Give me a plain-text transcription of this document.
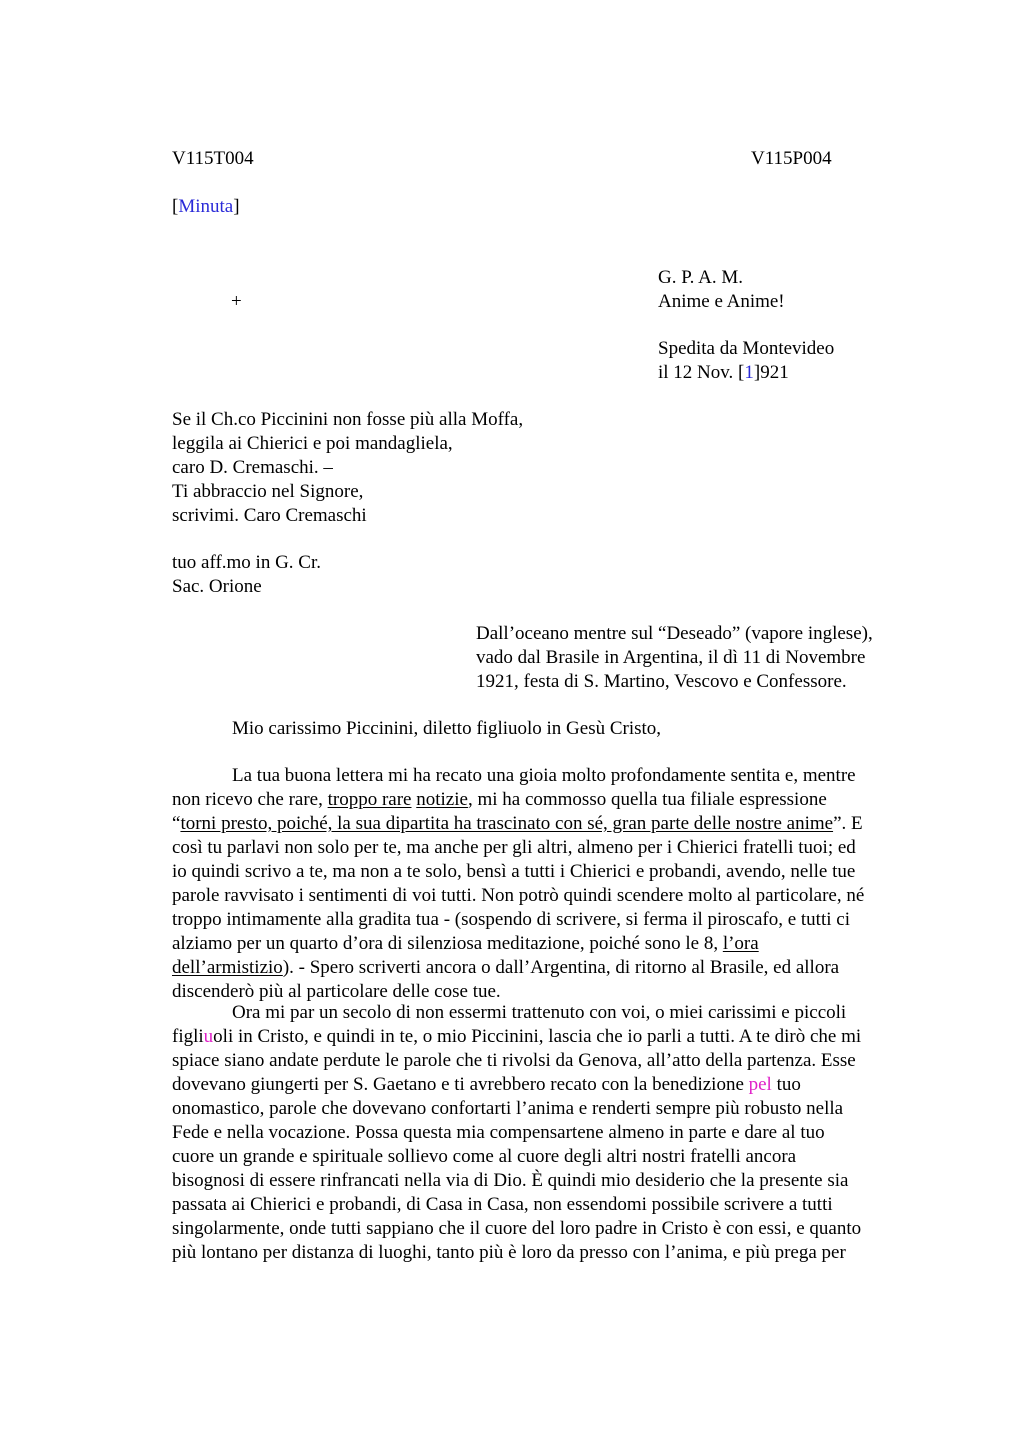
V115T004	V115P004
[Minuta]
+
G. P. A. M.
Anime e Anime!
Spedita da Montevideo
il 12 Nov. [1]921
Se il Ch.co Piccinini non fosse più alla Moffa,
leggila ai Chierici e poi mandagliela,
caro D. Cremaschi. –
Ti abbraccio nel Signore,
scrivimi. Caro Cremaschi
tuo aff.mo in G. Cr.
Sac. Orione
Dall’oceano mentre sul “Deseado” (vapore inglese),
vado dal Brasile in Argentina, il dì 11 di Novembre
1921, festa di S. Martino, Vescovo e Confessore.
Mio carissimo Piccinini, diletto figliuolo in Gesù Cristo,
La tua buona lettera mi ha recato una gioia molto profondamente sentita e, mentre
non ricevo che rare, troppo rare notizie, mi ha commosso quella tua filiale espressione
“torni presto, poiché, la sua dipartita ha trascinato con sé, gran parte delle nostre anime”. E
così tu parlavi non solo per te, ma anche per gli altri, almeno per i Chierici fratelli tuoi; ed
io quindi scrivo a te, ma non a te solo, bensì a tutti i Chierici e probandi, avendo, nelle tue
parole ravvisato i sentimenti di voi tutti. Non potrò quindi scendere molto al particolare, né
troppo intimamente alla gradita tua - (sospendo di scrivere, si ferma il piroscafo, e tutti ci
alziamo per un quarto d’ora di silenziosa meditazione, poiché sono le 8, l’ora
dell’armistizio). - Spero scriverti ancora o dall’Argentina, di ritorno al Brasile, ed allora
discenderò più al particolare delle cose tue.
Ora mi par un secolo di non essermi trattenuto con voi, o miei carissimi e piccoli
figliuoli in Cristo, e quindi in te, o mio Piccinini, lascia che io parli a tutti. A te dirò che mi
spiace siano andate perdute le parole che ti rivolsi da Genova, all’atto della partenza. Esse
dovevano giungerti per S. Gaetano e ti avrebbero recato con la benedizione pel tuo
onomastico, parole che dovevano confortarti l’anima e renderti sempre più robusto nella
Fede e nella vocazione. Possa questa mia compensartene almeno in parte e dare al tuo
cuore un grande e spirituale sollievo come al cuore degli altri nostri fratelli ancora
bisognosi di essere rinfrancati nella via di Dio. È quindi mio desiderio che la presente sia
passata ai Chierici e probandi, di Casa in Casa, non essendomi possibile scrivere a tutti
singolarmente, onde tutti sappiano che il cuore del loro padre in Cristo è con essi, e quanto
più lontano per distanza di luoghi, tanto più è loro da presso con l’anima, e più prega per
